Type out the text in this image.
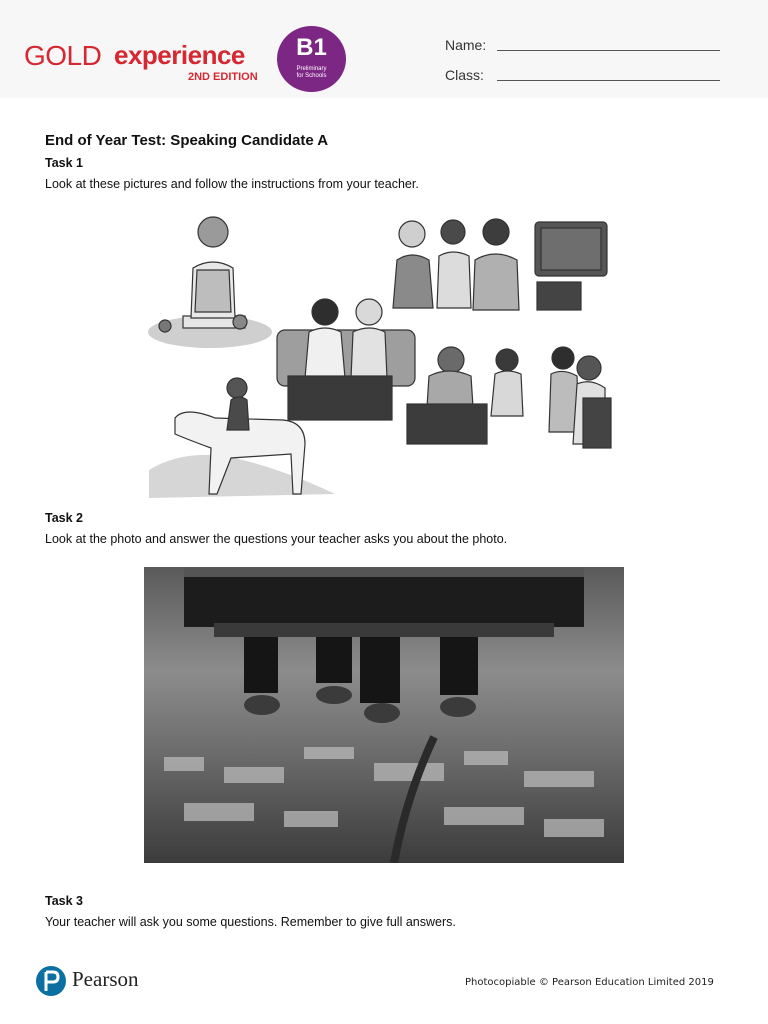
GOLD experience
2ND EDITION
B1
Preliminary
for Schools
Name:
Class:
End of Year Test: Speaking Candidate A
Task 1
Look at these pictures and follow the instructions from your teacher.
Task 2
Look at the photo and answer the questions your teacher asks you about the photo.
Task 3
Your teacher will ask you some questions. Remember to give full answers.
Pearson	Photocopiable © Pearson Education Limited 2019
